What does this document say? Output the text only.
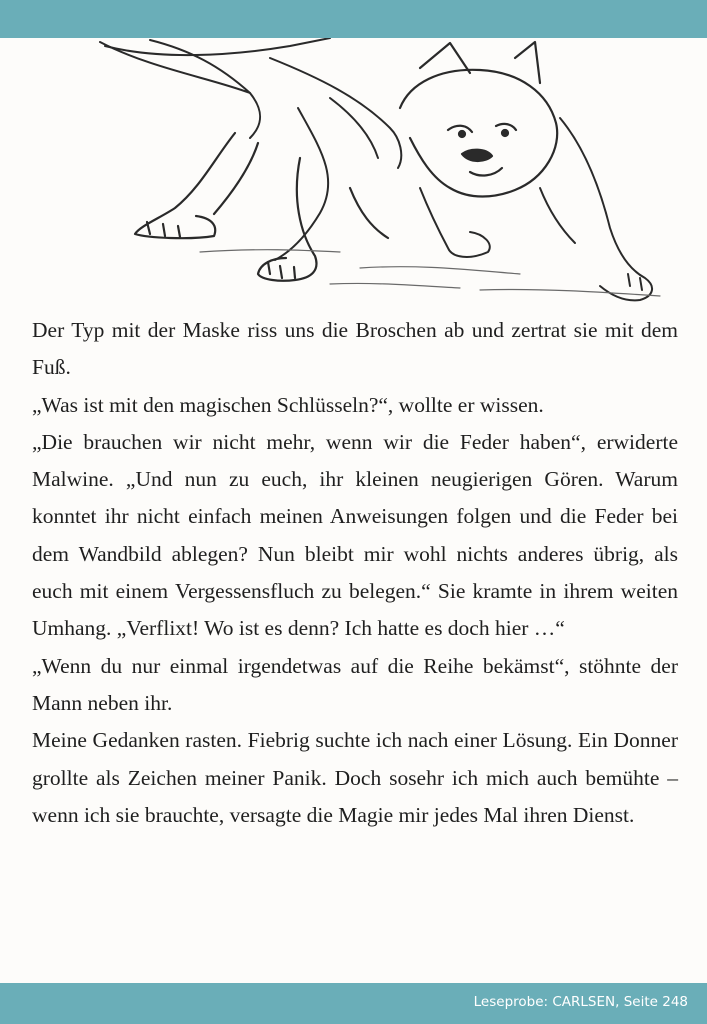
Der Typ mit der Maske riss uns die Broschen ab und zertrat sie mit dem Fuß.

„Was ist mit den magischen Schlüsseln?“, wollte er wissen.

„Die brauchen wir nicht mehr, wenn wir die Feder haben“, erwiderte Malwine. „Und nun zu euch, ihr kleinen neugierigen Gören. Warum konntet ihr nicht einfach meinen Anweisungen folgen und die Feder bei dem Wandbild ablegen? Nun bleibt mir wohl nichts anderes übrig, als euch mit einem Vergessensfluch zu belegen.“ Sie kramte in ihrem weiten Umhang. „Verflixt! Wo ist es denn? Ich hatte es doch hier …“

„Wenn du nur einmal irgendetwas auf die Reihe bekämst“, stöhnte der Mann neben ihr.

Meine Gedanken rasten. Fiebrig suchte ich nach einer Lösung. Ein Donner grollte als Zeichen meiner Panik. Doch sosehr ich mich auch bemühte – wenn ich sie brauchte, versagte die Magie mir jedes Mal ihren Dienst.

Leseprobe: CARLSEN, Seite 248
